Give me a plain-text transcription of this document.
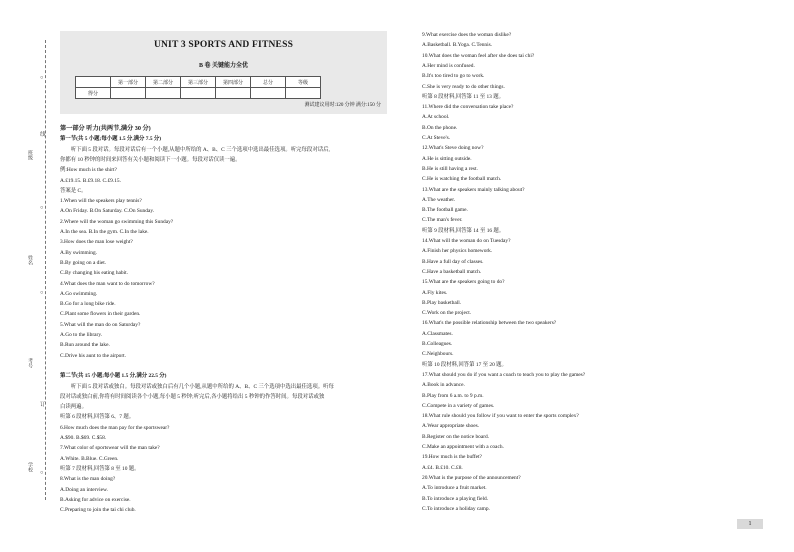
班级
姓名
考号
学校
○
线
○
○
订
○
UNIT 3 SPORTS AND FITNESS
B 卷 关键能力全优
	第一部分	第二部分	第三部分	第四部分	总分	等级
得分						
测试建议用时:120 分钟 满分:150 分
第一部分 听力(共两节,满分 30 分)
第一节(共 5 小题;每小题 1.5 分,满分 7.5 分)
　　听下面 5 段对话。每段对话后有一个小题,从题中所给的 A、B、C 三个选项中选出最佳选项。听完每段对话后,
你都有 10 秒钟的时间来回答有关小题和阅读下一小题。每段对话仅读一遍。
例:How much is the shirt?
A.£19.15. B.£9.18. C.£9.15.
答案是 C。
1.When will the speakers play tennis?
A.On Friday. B.On Saturday. C.On Sunday.
2.Where will the woman go swimming this Sunday?
A.In the sea. B.In the gym. C.In the lake.
3.How does the man lose weight?
A.By swimming.
B.By going on a diet.
C.By changing his eating habit.
4.What does the man want to do tomorrow?
A.Go swimming.
B.Go for a long bike ride.
C.Plant some flowers in their garden.
5.What will the man do on Saturday?
A.Go to the library.
B.Run around the lake.
C.Drive his aunt to the airport.
第二节(共 15 小题;每小题 1.5 分,满分 22.5 分)
　　听下面 5 段对话或独白。每段对话或独白后有几个小题,从题中所给的 A、B、C 三个选项中选出最佳选项。听每
段对话或独白前,你将有时间阅读各个小题,每小题 5 秒钟;听完后,各小题将给出 5 秒钟的作答时间。每段对话或独
白读两遍。
听第 6 段材料,回答第 6、7 题。
6.How much does the man pay for the sportswear?
A.$90. B.$69. C.$58.
7.What color of sportswear will the man take?
A.White. B.Blue. C.Green.
听第 7 段材料,回答第 8 至 10 题。
8.What is the man doing?
A.Doing an interview.
B.Asking for advice on exercise.
C.Preparing to join the tai chi club.
9.What exercise does the woman dislike?
A.Basketball. B.Yoga. C.Tennis.
10.What does the woman feel after she does tai chi?
A.Her mind is confused.
B.It's too tired to go to work.
C.She is very ready to do other things.
听第 8 段材料,回答第 11 至 13 题。
11.Where did the conversation take place?
A.At school.
B.On the phone.
C.At Steve's.
12.What's Steve doing now?
A.He is sitting outside.
B.He is still having a rest.
C.He is watching the football match.
13.What are the speakers mainly talking about?
A.The weather.
B.The football game.
C.The man's fever.
听第 9 段材料,回答第 14 至 16 题。
14.What will the woman do on Tuesday?
A.Finish her physics homework.
B.Have a full day of classes.
C.Have a basketball match.
15.What are the speakers going to do?
A.Fly kites.
B.Play basketball.
C.Work on the project.
16.What's the possible relationship between the two speakers?
A.Classmates.
B.Colleagues.
C.Neighbours.
听第 10 段材料,回答第 17 至 20 题。
17.What should you do if you want a coach to teach you to play the games?
A.Book in advance.
B.Play from 6 a.m. to 9 p.m.
C.Compete in a variety of games.
18.What rule should you follow if you want to enter the sports complex?
A.Wear appropriate shoes.
B.Register on the notice board.
C.Make an appointment with a coach.
19.How much is the buffet?
A.£4. B.£10. C.£8.
20.What is the purpose of the announcement?
A.To introduce a fruit market.
B.To introduce a playing field.
C.To introduce a holiday camp.
1
